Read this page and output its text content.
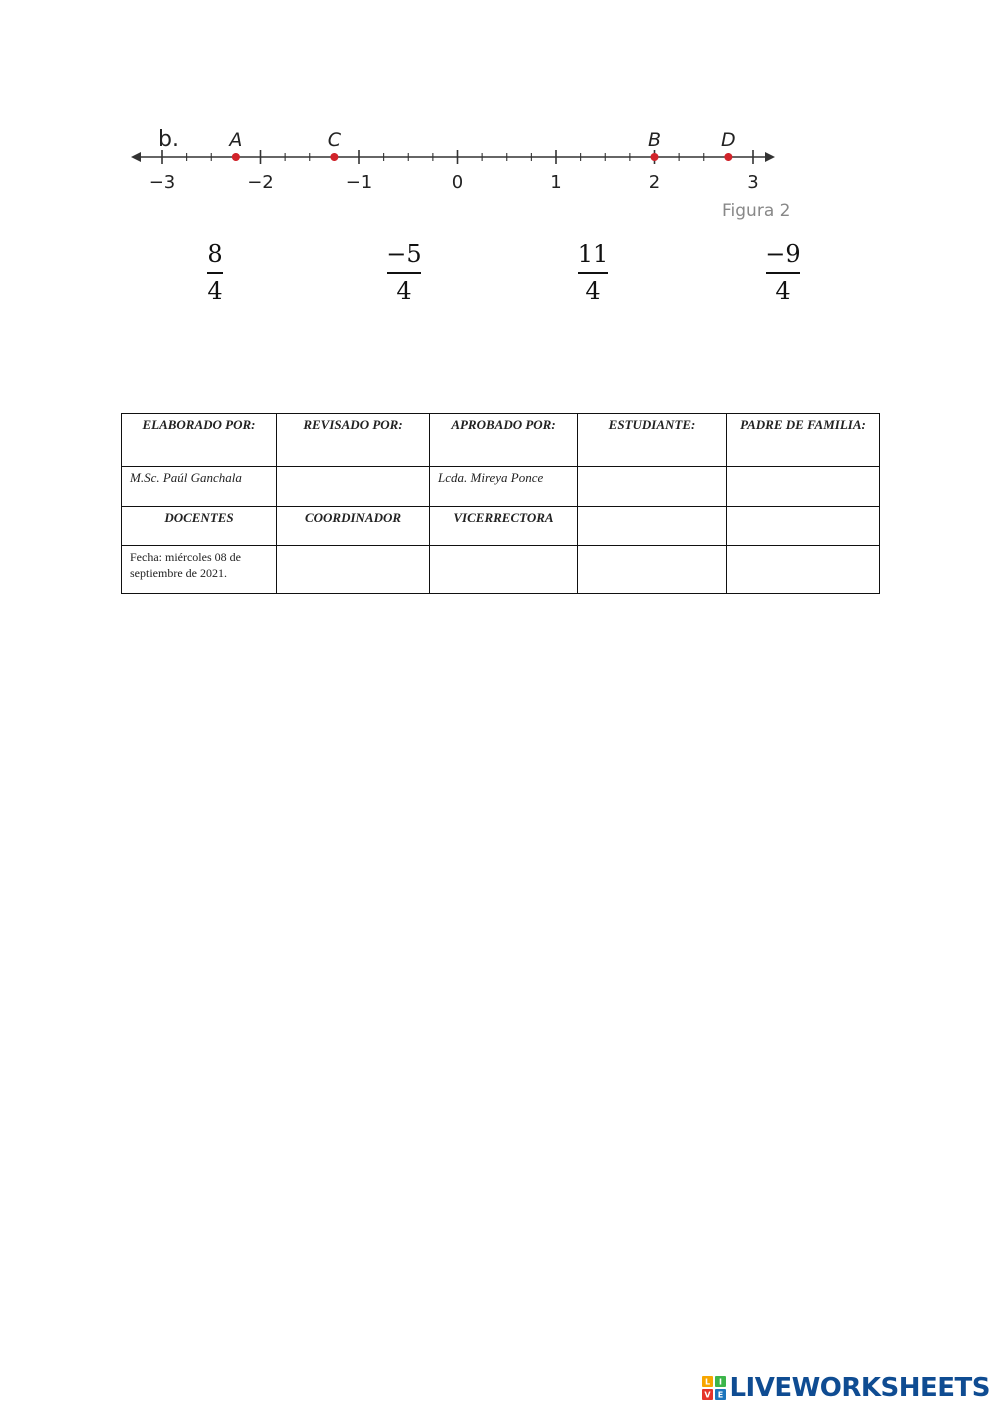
b.
−3	−2	−1	0	1	2	3
A	C	B	D
Figura 2
8
4
−5
4
11
4
−9
4
ELABORADO POR:	REVISADO POR:	APROBADO POR:	ESTUDIANTE:	PADRE DE FAMILIA:
M.Sc. Paúl Ganchala		Lcda. Mireya Ponce		
DOCENTES	COORDINADOR	VICERRECTORA		
Fecha: miércoles 08 de septiembre de 2021.				
L I
V E LIVEWORKSHEETS
